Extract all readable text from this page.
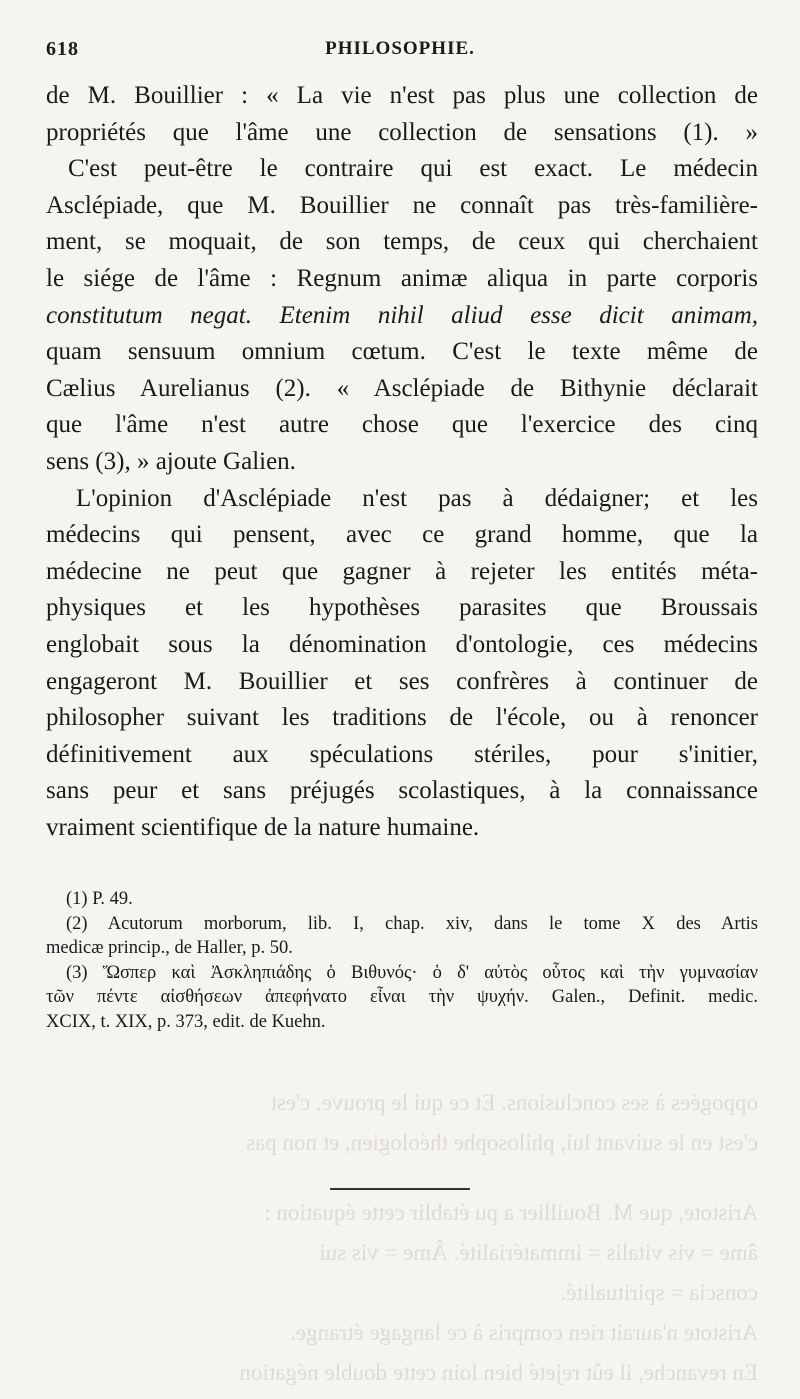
oppogées à ses conclusions. Et ce qui le prouve, c'est
c'est en le suivant lui, philosophe théologien, et non pas
Aristote, que M. Bouillier a pu établir cette équation :
âme = vis vitalis = immatérialité. Âme = vis sui
conscia = spiritualité.
Aristote n'aurait rien compris à ce langage étrange.
En revanche, il eût rejeté bien loin cette double négation
618	PHILOSOPHIE.
de M. Bouillier : « La vie n'est pas plus une collection de
propriétés que l'âme une collection de sensations (1). »
C'est peut-être le contraire qui est exact. Le médecin
Asclépiade, que M. Bouillier ne connaît pas très-familière-
ment, se moquait, de son temps, de ceux qui cherchaient
le siége de l'âme : Regnum animæ aliqua in parte corporis
constitutum negat. Etenim nihil aliud esse dicit animam,
quam sensuum omnium cœtum. C'est le texte même de
Cælius Aurelianus (2). « Asclépiade de Bithynie déclarait
que l'âme n'est autre chose que l'exercice des cinq
sens (3), » ajoute Galien.
L'opinion d'Asclépiade n'est pas à dédaigner; et les
médecins qui pensent, avec ce grand homme, que la
médecine ne peut que gagner à rejeter les entités méta-
physiques et les hypothèses parasites que Broussais
englobait sous la dénomination d'ontologie, ces médecins
engageront M. Bouillier et ses confrères à continuer de
philosopher suivant les traditions de l'école, ou à renoncer
définitivement aux spéculations stériles, pour s'initier,
sans peur et sans préjugés scolastiques, à la connaissance
vraiment scientifique de la nature humaine.
(1) P. 49.
(2) Acutorum morborum, lib. I, chap. xiv, dans le tome X des Artis
medicæ princip., de Haller, p. 50.
(3) Ὥσπερ καὶ Ἀσκληπιάδης ὁ Βιθυνός· ὁ δ' αὐτὸς οὗτος καὶ τὴν γυμνασίαν
τῶν πέντε αἰσθήσεων ἀπεφήνατο εἶναι τὴν ψυχήν. Galen., Definit. medic.
XCIX, t. XIX, p. 373, edit. de Kuehn.
